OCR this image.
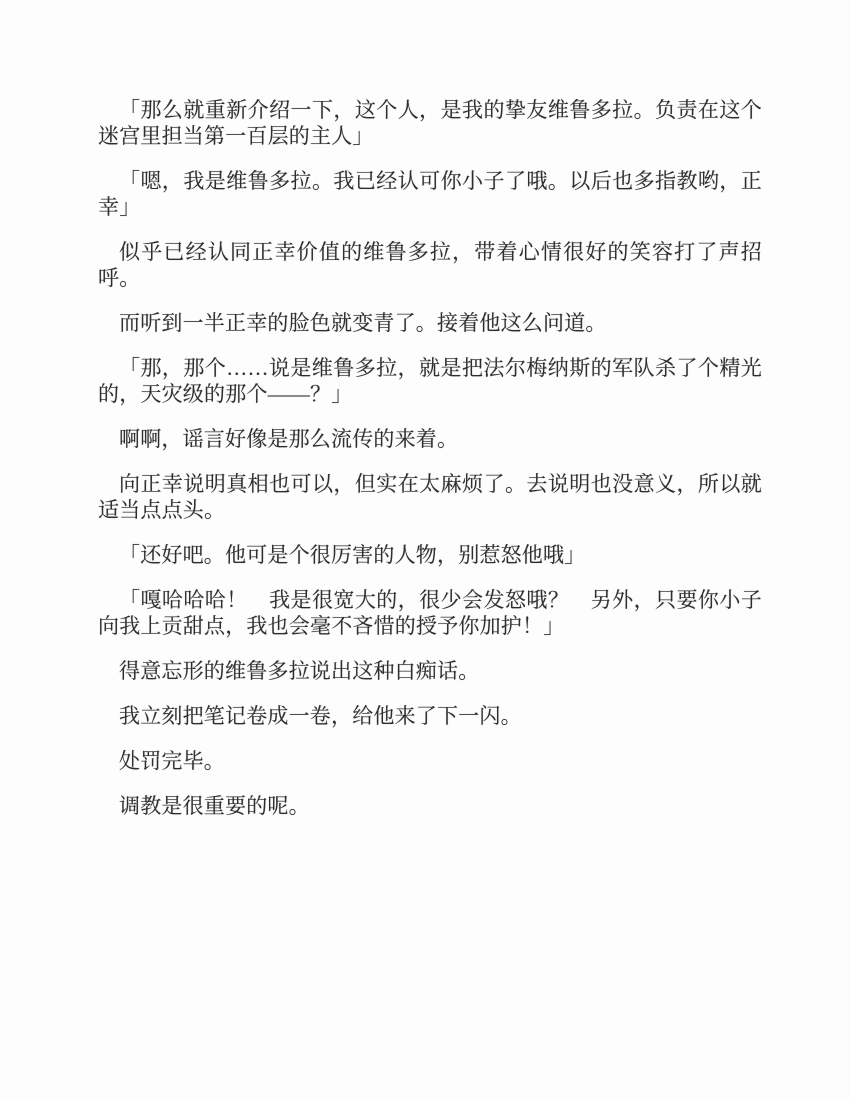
「那么就重新介绍一下，这个人，是我的挚友维鲁多拉。负责在这个迷宫里担当第一百层的主人」

「嗯，我是维鲁多拉。我已经认可你小子了哦。以后也多指教哟，正幸」

似乎已经认同正幸价值的维鲁多拉，带着心情很好的笑容打了声招呼。

而听到一半正幸的脸色就变青了。接着他这么问道。

「那，那个……说是维鲁多拉，就是把法尔梅纳斯的军队杀了个精光的，天灾级的那个——？」

啊啊，谣言好像是那么流传的来着。

向正幸说明真相也可以，但实在太麻烦了。去说明也没意义，所以就适当点点头。

「还好吧。他可是个很厉害的人物，别惹怒他哦」

「嘎哈哈哈！　我是很宽大的，很少会发怒哦？　另外，只要你小子向我上贡甜点，我也会毫不吝惜的授予你加护！」

得意忘形的维鲁多拉说出这种白痴话。

我立刻把笔记卷成一卷，给他来了下一闪。

处罚完毕。

调教是很重要的呢。
